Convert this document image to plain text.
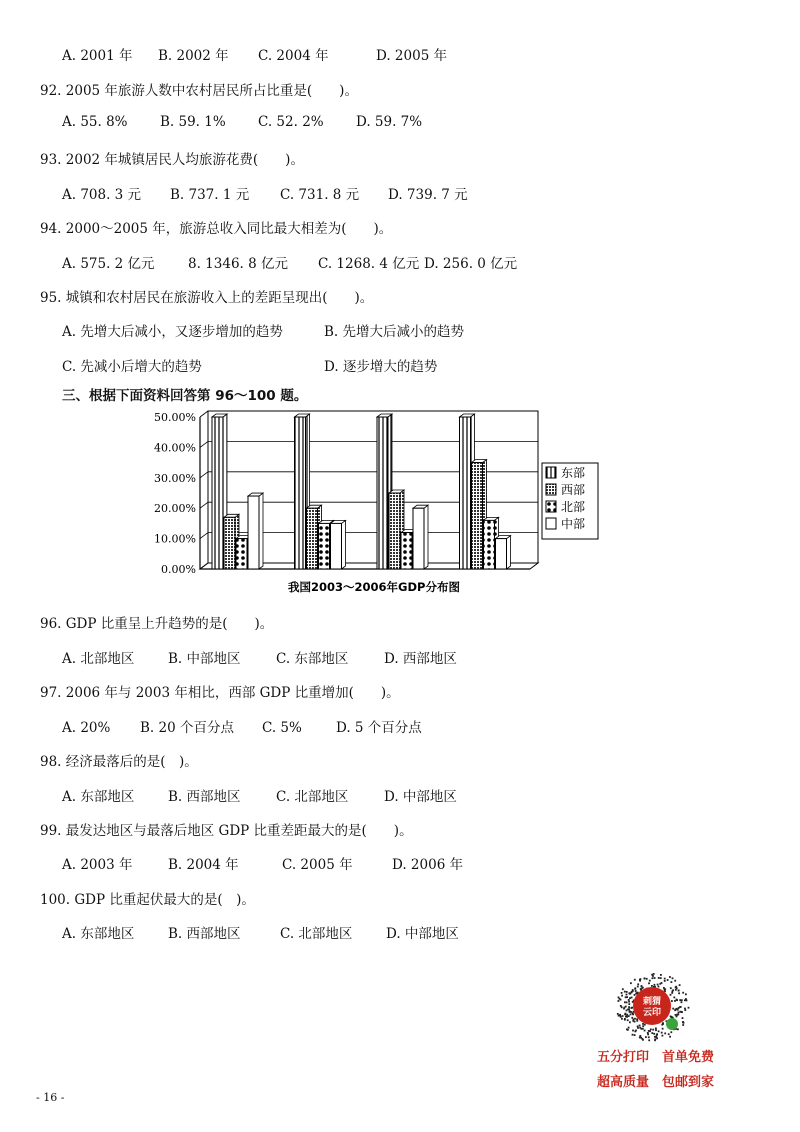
A. 2001 年 B. 2002 年 C. 2004 年	D. 2005 年
92. 2005 年旅游人数中农村居民所占比重是(　　)。
A. 55. 8% B. 59. 1% C. 52. 2% D. 59. 7%
93. 2002 年城镇居民人均旅游花费(　　)。
A. 708. 3 元 B. 737. 1 元 C. 731. 8 元 D. 739. 7 元
94. 2000～2005 年，旅游总收入同比最大相差为(　　)。
A. 575. 2 亿元 8. 1346. 8 亿元 C. 1268. 4 亿元 D. 256. 0 亿元
95. 城镇和农村居民在旅游收入上的差距呈现出(　　)。
A. 先增大后减小，又逐步增加的趋势	B. 先增大后减小的趋势
C. 先减小后增大的趋势	D. 逐步增大的趋势
三、根据下面资料回答第 96～100 题。
0.00%
10.00%
20.00%
30.00%
40.00%
50.00%
东部
西部
北部
中部
我国2003～2006年GDP分布图
96. GDP 比重呈上升趋势的是(　　)。
A. 北部地区 B. 中部地区	C. 东部地区	D. 西部地区
97. 2006 年与 2003 年相比，西部 GDP 比重增加(　　)。
A. 20% B. 20 个百分点 C. 5%	D. 5 个百分点
98. 经济最落后的是(　)。
A. 东部地区 B. 西部地区	C. 北部地区	D. 中部地区
99. 最发达地区与最落后地区 GDP 比重差距最大的是(　　)。
A. 2003 年	B. 2004 年	C. 2005 年	D. 2006 年
100. GDP 比重起伏最大的是(　)。
A. 东部地区 B. 西部地区	C. 北部地区 D. 中部地区
刺猬
云印
五分打印　首单免费
超高质量　包邮到家
- 16 -
